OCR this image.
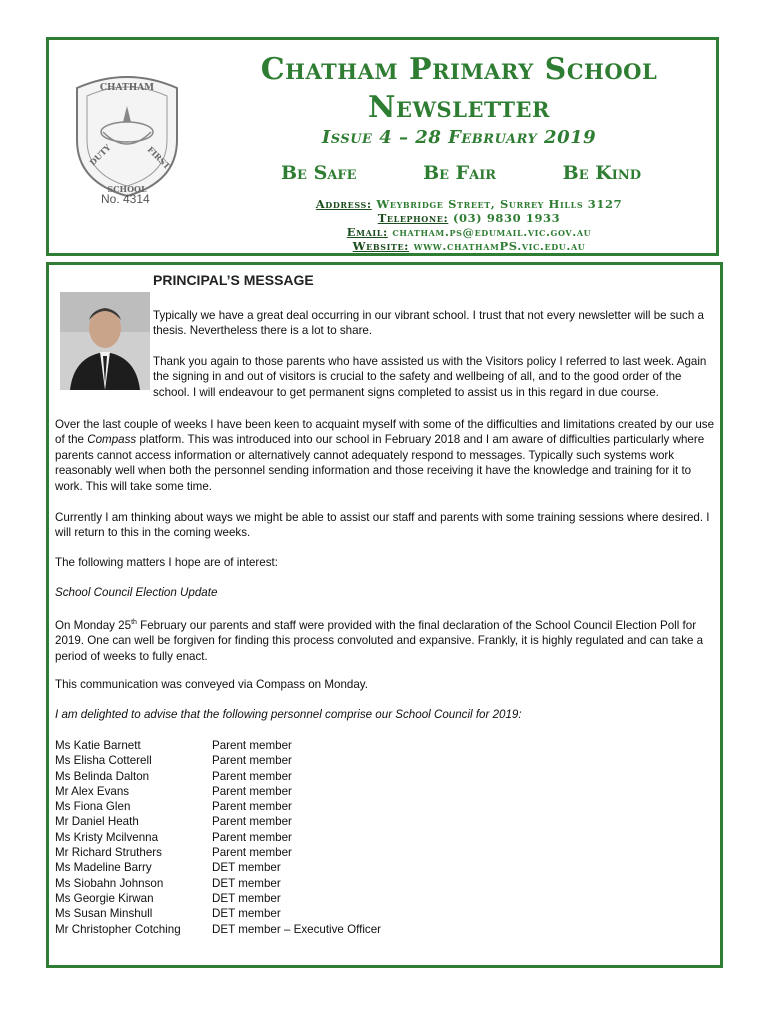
CHATHAM
DUTY	FIRST
SCHOOL
No. 4314
Chatham Primary School
Newsletter
Issue 4 – 28 February 2019
Be Safe	Be Fair	Be Kind
Address: Weybridge Street, Surrey Hills 3127
Telephone: (03) 9830 1933
Email: chatham.ps@edumail.vic.gov.au
Website: www.chathamPS.vic.edu.au
PRINCIPAL’S MESSAGE

Typically we have a great deal occurring in our vibrant school. I trust that not every newsletter will be such a thesis. Nevertheless there is a lot to share.

Thank you again to those parents who have assisted us with the Visitors policy I referred to last week. Again the signing in and out of visitors is crucial to the safety and wellbeing of all, and to the good order of the school. I will endeavour to get permanent signs completed to assist us in this regard in due course.

Over the last couple of weeks I have been keen to acquaint myself with some of the difficulties and limitations created by our use of the Compass platform. This was introduced into our school in February 2018 and I am aware of difficulties particularly where parents cannot access information or alternatively cannot adequately respond to messages. Typically such systems work reasonably well when both the personnel sending information and those receiving it have the knowledge and training for it to work. This will take some time.

Currently I am thinking about ways we might be able to assist our staff and parents with some training sessions where desired. I will return to this in the coming weeks.

The following matters I hope are of interest:

School Council Election Update

On Monday 25th February our parents and staff were provided with the final declaration of the School Council Election Poll for 2019. One can well be forgiven for finding this process convoluted and expansive. Frankly, it is highly regulated and can take a period of weeks to fully enact.

This communication was conveyed via Compass on Monday.

I am delighted to advise that the following personnel comprise our School Council for 2019:

Ms Katie Barnett	Parent member
Ms Elisha Cotterell	Parent member
Ms Belinda Dalton	Parent member
Mr Alex Evans	Parent member
Ms Fiona Glen	Parent member
Mr Daniel Heath	Parent member
Ms Kristy Mcilvenna	Parent member
Mr Richard Struthers	Parent member
Ms Madeline Barry	DET member
Ms Siobahn Johnson	DET member
Ms Georgie Kirwan	DET member
Ms Susan Minshull	DET member
Mr Christopher Cotching	DET member – Executive Officer
